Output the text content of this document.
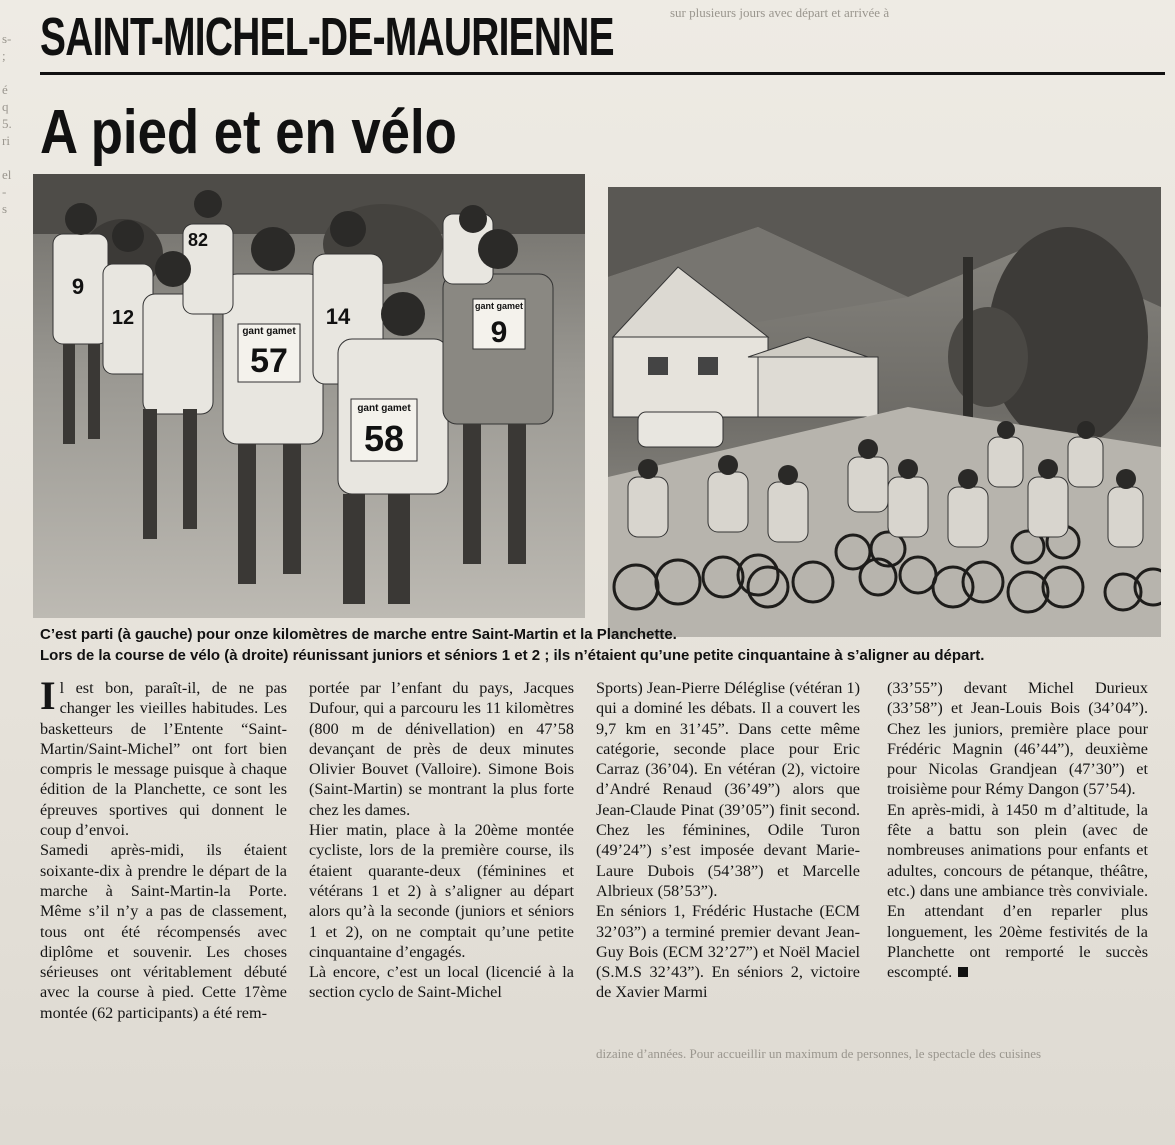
s-
;

é
q
5.
ri

el
-
s
sur plusieurs jours avec départ et arrivée à
SAINT-MICHEL-DE-MAURIENNE
A pied et en vélo
9
57
58
82
12	14
9
gant gamet
gant gamet
gant gamet

C’est parti (à gauche) pour onze kilomètres de marche entre Saint-Martin et la Planchette.
Lors de la course de vélo (à droite) réunissant juniors et séniors 1 et 2 ; ils n’étaient qu’une petite cinquantaine à s’aligner au départ.

Il est bon, paraît-il, de ne pas changer les vieilles habitudes. Les basketteurs de l’Entente “Saint-Martin/Saint-Michel” ont fort bien compris le message puisque à chaque édition de la Planchette, ce sont les épreuves sportives qui donnent le coup d’envoi.
Samedi après-midi, ils étaient soixante-dix à prendre le départ de la marche à Saint-Martin-la Porte. Même s’il n’y a pas de classement, tous ont été récompensés avec diplôme et souvenir. Les choses sérieuses ont véritablement débuté avec la course à pied. Cette 17ème montée (62 participants) a été rem-

portée par l’enfant du pays, Jacques Dufour, qui a parcouru les 11 kilomètres (800 m de dénivellation) en 47’58 devançant de près de deux minutes Olivier Bouvet (Valloire). Simone Bois (Saint-Martin) se montrant la plus forte chez les dames.
Hier matin, place à la 20ème montée cycliste, lors de la première course, ils étaient quarante-deux (féminines et vétérans 1 et 2) à s’aligner au départ alors qu’à la seconde (juniors et séniors 1 et 2), on ne comptait qu’une petite cinquantaine d’engagés.
Là encore, c’est un local (licencié à la section cyclo de Saint-Michel

Sports) Jean-Pierre Déléglise (vétéran 1) qui a dominé les débats. Il a couvert les 9,7 km en 31’45”. Dans cette même catégorie, seconde place pour Eric Carraz (36’04). En vétéran (2), victoire d’André Renaud (36’49”) alors que Jean-Claude Pinat (39’05”) finit second. Chez les féminines, Odile Turon (49’24”) s’est imposée devant Marie-Laure Dubois (54’38”) et Marcelle Albrieux (58’53”).
En séniors 1, Frédéric Hustache (ECM 32’03”) a terminé premier devant Jean-Guy Bois (ECM 32’27”) et Noël Maciel (S.M.S 32’43”). En séniors 2, victoire de Xavier Marmi

(33’55”) devant Michel Durieux (33’58”) et Jean-Louis Bois (34’04”). Chez les juniors, première place pour Frédéric Magnin (46’44”), deuxième pour Nicolas Grandjean (47’30”) et troisième pour Rémy Dangon (57’54).
En après-midi, à 1450 m d’altitude, la fête a battu son plein (avec de nombreuses animations pour enfants et adultes, concours de pétanque, théâtre, etc.) dans une ambiance très conviviale. En attendant d’en reparler plus longuement, les 20ème festivités de la Planchette ont remporté le succès escompté.

dizaine d’années. Pour accueillir un maximum de personnes, le spectacle des cuisines
